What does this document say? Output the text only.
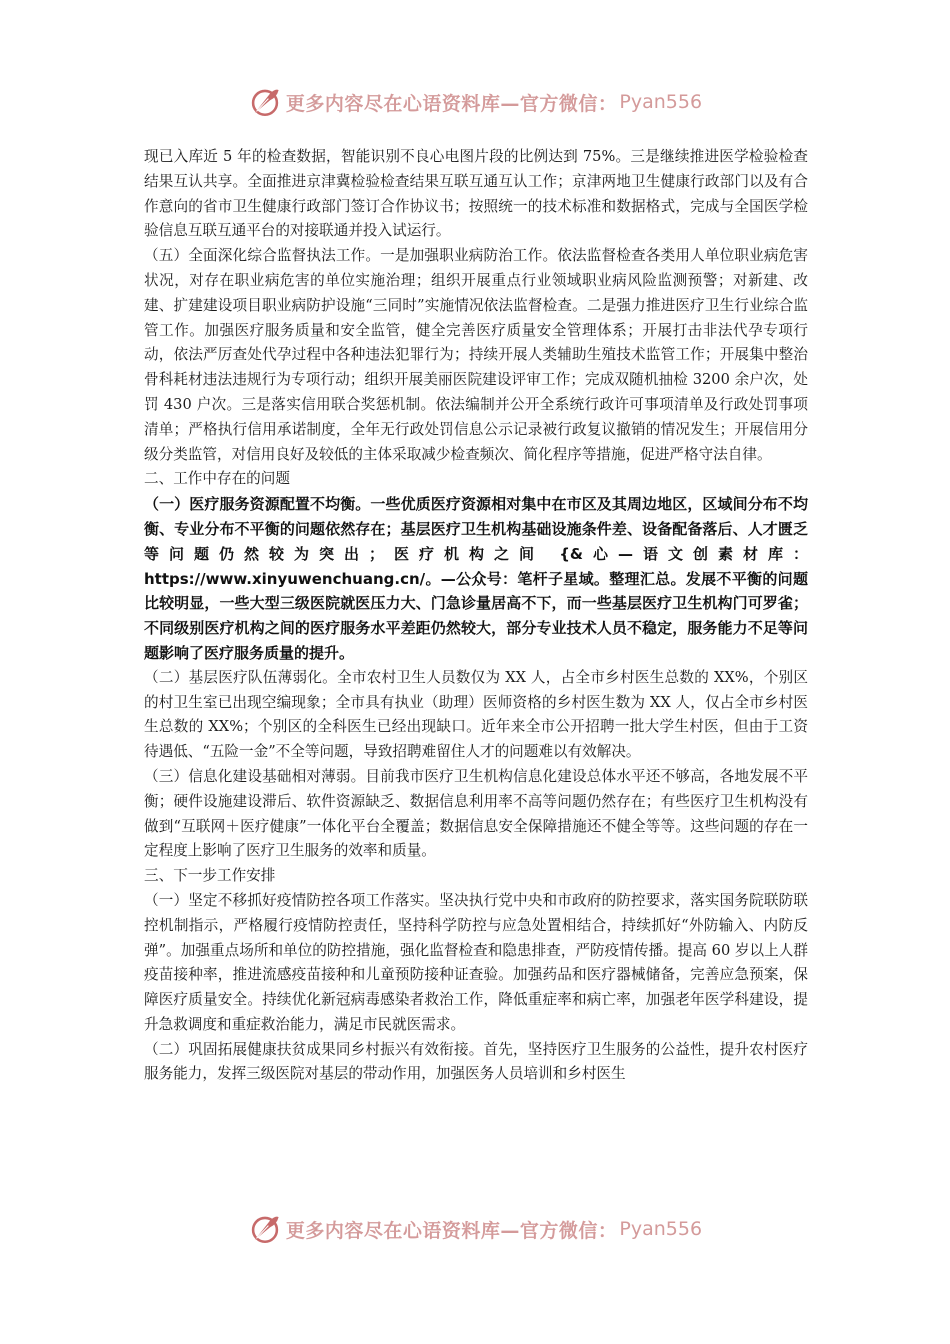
更多内容尽在心语资料库—官方微信： Pyan556

现已入库近 5 年的检查数据，智能识别不良心电图片段的比例达到 75%。三是继续推进医学检验检查结果互认共享。全面推进京津冀检验检查结果互联互通互认工作；京津两地卫生健康行政部门以及有合作意向的省市卫生健康行政部门签订合作协议书；按照统一的技术标准和数据格式，完成与全国医学检验信息互联互通平台的对接联通并投入试运行。

（五）全面深化综合监督执法工作。一是加强职业病防治工作。依法监督检查各类用人单位职业病危害状况，对存在职业病危害的单位实施治理；组织开展重点行业领域职业病风险监测预警；对新建、改建、扩建建设项目职业病防护设施“三同时”实施情况依法监督检查。二是强力推进医疗卫生行业综合监管工作。加强医疗服务质量和安全监管，健全完善医疗质量安全管理体系；开展打击非法代孕专项行动，依法严厉查处代孕过程中各种违法犯罪行为；持续开展人类辅助生殖技术监管工作；开展集中整治骨科耗材违法违规行为专项行动；组织开展美丽医院建设评审工作；完成双随机抽检 3200 余户次，处罚 430 户次。三是落实信用联合奖惩机制。依法编制并公开全系统行政许可事项清单及行政处罚事项清单；严格执行信用承诺制度，全年无行政处罚信息公示记录被行政复议撤销的情况发生；开展信用分级分类监管，对信用良好及较低的主体采取减少检查频次、简化程序等措施，促进严格守法自律。

二、工作中存在的问题

（一）医疗服务资源配置不均衡。一些优质医疗资源相对集中在市区及其周边地区，区域间分布不均衡、专业分布不平衡的问题依然存在；基层医疗卫生机构基础设施条件差、设备配备落后、人才匮乏等问题仍然较为突出；医疗机构之间 {&心—语文创素材库：https://www.xinyuwenchuang.cn/。—公众号：笔杆子星域。整理汇总。发展不平衡的问题比较明显，一些大型三级医院就医压力大、门急诊量居高不下，而一些基层医疗卫生机构门可罗雀；不同级别医疗机构之间的医疗服务水平差距仍然较大，部分专业技术人员不稳定，服务能力不足等问题影响了医疗服务质量的提升。

（二）基层医疗队伍薄弱化。全市农村卫生人员数仅为 XX 人，占全市乡村医生总数的 XX%，个别区的村卫生室已出现空编现象；全市具有执业（助理）医师资格的乡村医生数为 XX 人，仅占全市乡村医生总数的 XX%；个别区的全科医生已经出现缺口。近年来全市公开招聘一批大学生村医，但由于工资待遇低、“五险一金”不全等问题，导致招聘难留住人才的问题难以有效解决。

（三）信息化建设基础相对薄弱。目前我市医疗卫生机构信息化建设总体水平还不够高，各地发展不平衡；硬件设施建设滞后、软件资源缺乏、数据信息利用率不高等问题仍然存在；有些医疗卫生机构没有做到“互联网＋医疗健康”一体化平台全覆盖；数据信息安全保障措施还不健全等等。这些问题的存在一定程度上影响了医疗卫生服务的效率和质量。

三、下一步工作安排

（一）坚定不移抓好疫情防控各项工作落实。坚决执行党中央和市政府的防控要求，落实国务院联防联控机制指示，严格履行疫情防控责任，坚持科学防控与应急处置相结合，持续抓好“外防输入、内防反弹”。加强重点场所和单位的防控措施，强化监督检查和隐患排查，严防疫情传播。提高 60 岁以上人群疫苗接种率，推进流感疫苗接种和儿童预防接种证查验。加强药品和医疗器械储备，完善应急预案，保障医疗质量安全。持续优化新冠病毒感染者救治工作，降低重症率和病亡率，加强老年医学科建设，提升急救调度和重症救治能力，满足市民就医需求。

（二）巩固拓展健康扶贫成果同乡村振兴有效衔接。首先，坚持医疗卫生服务的公益性，提升农村医疗服务能力，发挥三级医院对基层的带动作用，加强医务人员培训和乡村医生

更多内容尽在心语资料库—官方微信： Pyan556
